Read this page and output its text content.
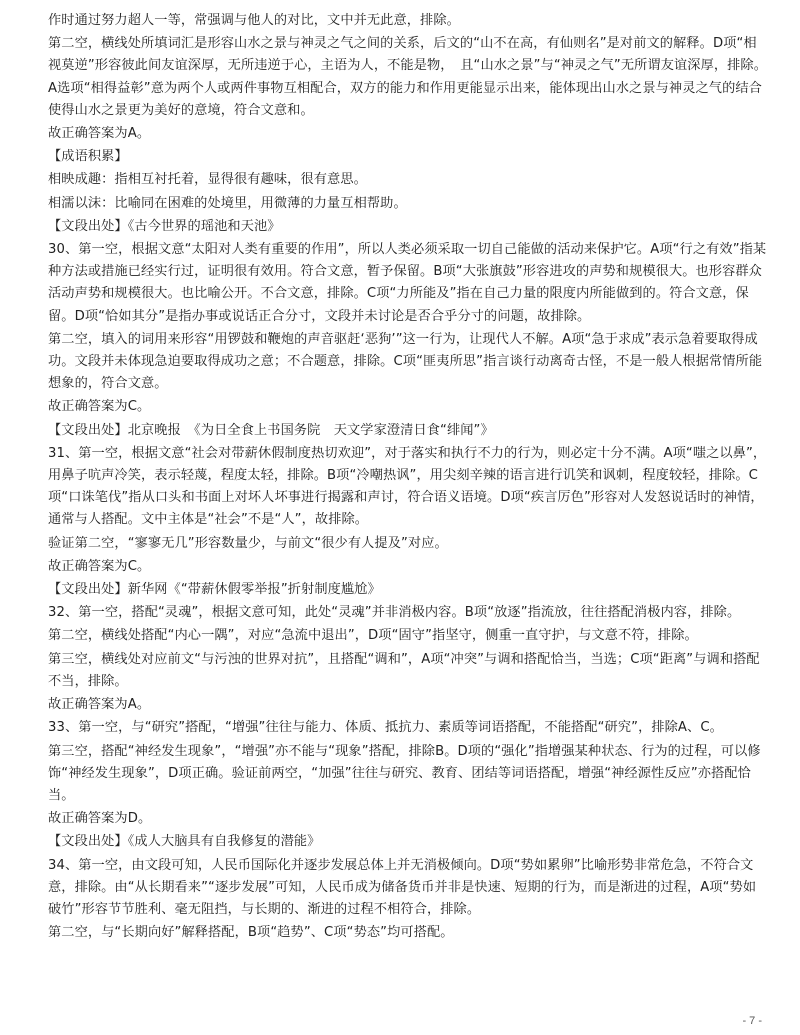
作时通过努力超人一等，常强调与他人的对比，文中并无此意，排除。

第二空，横线处所填词汇是形容山水之景与神灵之气之间的关系，后文的“山不在高，有仙则名”是对前文的解释。D项“相视莫逆”形容彼此间友谊深厚，无所违逆于心，主语为人，不能是物，　且“山水之景”与“神灵之气”无所谓友谊深厚，排除。A选项“相得益彰”意为两个人或两件事物互相配合，双方的能力和作用更能显示出来，能体现出山水之景与神灵之气的结合使得山水之景更为美好的意境，符合文意和。

故正确答案为A。

【成语积累】

相映成趣：指相互衬托着，显得很有趣味，很有意思。

相濡以沫：比喻同在困难的处境里，用微薄的力量互相帮助。

【文段出处】《古今世界的瑶池和天池》

30、第一空，根据文意“太阳对人类有重要的作用”，所以人类必须采取一切自己能做的活动来保护它。A项“行之有效”指某种方法或措施已经实行过，证明很有效用。符合文意，暂予保留。B项“大张旗鼓”形容进攻的声势和规模很大。也形容群众活动声势和规模很大。也比喻公开。不合文意，排除。C项“力所能及”指在自己力量的限度内所能做到的。符合文意，保留。D项“恰如其分”是指办事或说话正合分寸，文段并未讨论是否合乎分寸的问题，故排除。

第二空，填入的词用来形容“用锣鼓和鞭炮的声音驱赶‘恶狗’”这一行为，让现代人不解。A项“急于求成”表示急着要取得成功。文段并未体现急迫要取得成功之意；不合题意，排除。C项“匪夷所思”指言谈行动离奇古怪，不是一般人根据常情所能想象的，符合文意。

故正确答案为C。

【文段出处】北京晚报　《为日全食上书国务院　天文学家澄清日食“绯闻”》

31、第一空，根据文意“社会对带薪休假制度热切欢迎”，对于落实和执行不力的行为，则必定十分不满。A项“嗤之以鼻”，用鼻子吭声冷笑，表示轻蔑，程度太轻，排除。B项“冷嘲热讽”，用尖刻辛辣的语言进行讥笑和讽刺，程度较轻，排除。C项“口诛笔伐”指从口头和书面上对坏人坏事进行揭露和声讨，符合语义语境。D项“疾言厉色”形容对人发怒说话时的神情，通常与人搭配。文中主体是“社会”不是“人”，故排除。

验证第二空，“寥寥无几”形容数量少，与前文“很少有人提及”对应。

故正确答案为C。

【文段出处】新华网《“带薪休假零举报”折射制度尴尬》

32、第一空，搭配“灵魂”，根据文意可知，此处“灵魂”并非消极内容。B项“放逐”指流放，往往搭配消极内容，排除。

第二空，横线处搭配“内心一隅”，对应“急流中退出”，D项“固守”指坚守，侧重一直守护，与文意不符，排除。

第三空，横线处对应前文“与污浊的世界对抗”，且搭配“调和”，A项“冲突”与调和搭配恰当，当选；C项“距离”与调和搭配不当，排除。

故正确答案为A。

33、第一空，与“研究”搭配，“增强”往往与能力、体质、抵抗力、素质等词语搭配，不能搭配“研究”，排除A、C。

第三空，搭配“神经发生现象”，“增强”亦不能与“现象”搭配，排除B。D项的“强化”指增强某种状态、行为的过程，可以修饰“神经发生现象”，D项正确。验证前两空，“加强”往往与研究、教育、团结等词语搭配，增强“神经源性反应”亦搭配恰当。

故正确答案为D。

【文段出处】《成人大脑具有自我修复的潜能》

34、第一空，由文段可知，人民币国际化并逐步发展总体上并无消极倾向。D项“势如累卵”比喻形势非常危急，不符合文意，排除。由“从长期看来”“逐步发展”可知，人民币成为储备货币并非是快速、短期的行为，而是渐进的过程，A项“势如破竹”形容节节胜利、毫无阻挡，与长期的、渐进的过程不相符合，排除。

第二空，与“长期向好”解释搭配，B项“趋势”、C项“势态”均可搭配。

- 7 -
